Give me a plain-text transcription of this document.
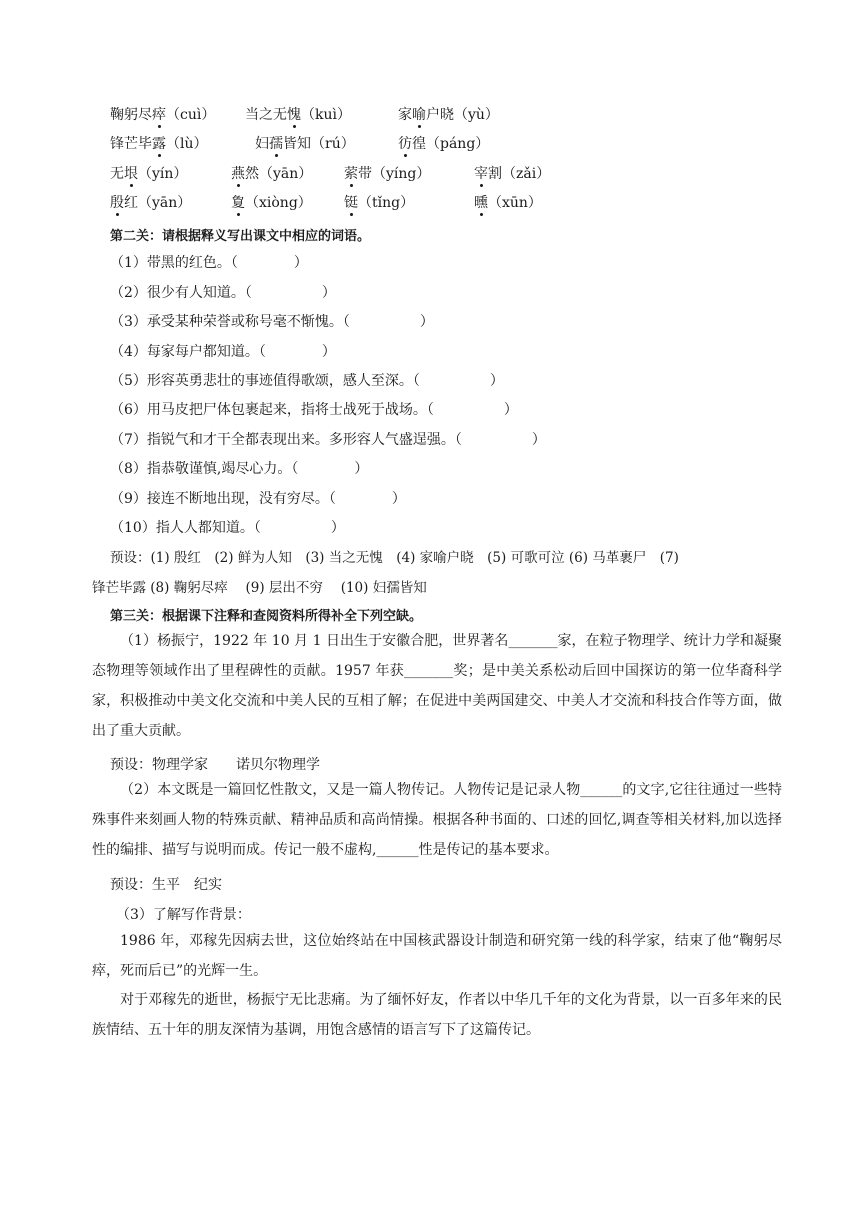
鞠躬尽瘁（cuì） 当之无愧（kuì）	家喻户晓（yù）
锋芒毕露（lù）	妇孺皆知（rú）	彷徨（páng）
无垠（yín）	燕然（yān） 萦带（yíng）	宰割（zǎi）
殷红（yān）	夐（xiòng） 铤（tǐng）	曛（xūn）
第二关：请根据释义写出课文中相应的词语。
（1）带黑的红色。（　　　　）
（2）很少有人知道。（　　　　　）
（3）承受某种荣誉或称号毫不惭愧。（　　　　　）
（4）每家每户都知道。（　　　　）
（5）形容英勇悲壮的事迹值得歌颂，感人至深。（　　　　　）
（6）用马皮把尸体包裹起来，指将士战死于战场。（　　　　　）
（7）指锐气和才干全都表现出来。多形容人气盛逞强。（　　　　　）
（8）指恭敬谨慎,竭尽心力。（　　　　）
（9）接连不断地出现，没有穷尽。（　　　　）
（10）指人人都知道。（　　　　　）
预设：(1) 殷红　(2) 鲜为人知　(3) 当之无愧　(4) 家喻户晓　(5) 可歌可泣 (6) 马革裹尸　(7)
锋芒毕露 (8) 鞠躬尽瘁　 (9) 层出不穷　 (10) 妇孺皆知
第三关：根据课下注释和查阅资料所得补全下列空缺。
（1）杨振宁，1922 年 10 月 1 日出生于安徽合肥，世界著名_______家，在粒子物理学、统计力学和凝聚态物理等领域作出了里程碑性的贡献。1957 年获_______奖；是中美关系松动后回中国探访的第一位华裔科学家，积极推动中美文化交流和中美人民的互相了解；在促进中美两国建交、中美人才交流和科技合作等方面，做出了重大贡献。
预设：物理学家　　诺贝尔物理学
（2）本文既是一篇回忆性散文，又是一篇人物传记。人物传记是记录人物______的文字,它往往通过一些特殊事件来刻画人物的特殊贡献、精神品质和高尚情操。根据各种书面的、口述的回忆,调查等相关材料,加以选择性的编排、描写与说明而成。传记一般不虚构,______性是传记的基本要求。
预设：生平　纪实
（3）了解写作背景：
1986 年，邓稼先因病去世，这位始终站在中国核武器设计制造和研究第一线的科学家，结束了他“鞠躬尽瘁，死而后已”的光辉一生。
对于邓稼先的逝世，杨振宁无比悲痛。为了缅怀好友，作者以中华几千年的文化为背景，以一百多年来的民族情结、五十年的朋友深情为基调，用饱含感情的语言写下了这篇传记。
